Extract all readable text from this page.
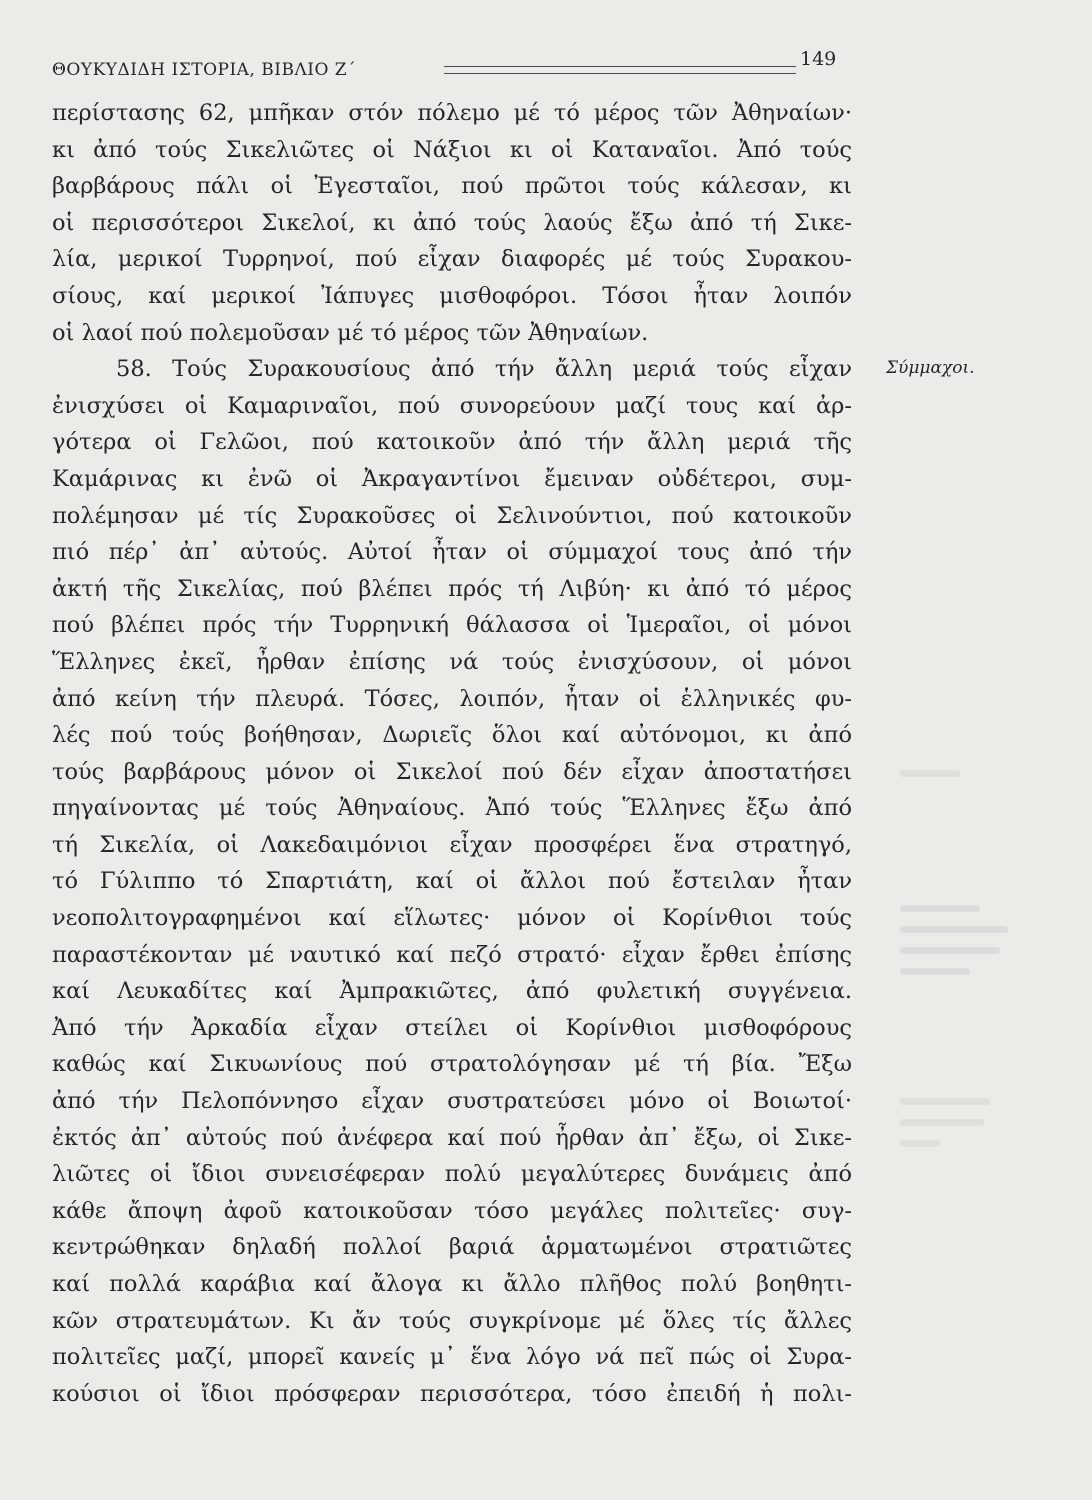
ΘΟΥΚΥΔΙΔΗ ΙΣΤΟΡΙΑ, ΒΙΒΛΙΟ Ζ΄	149
περίστασης 62, μπῆκαν στόν πόλεμο μέ τό μέρος τῶν Ἀθηναίων·
κι ἀπό τούς Σικελιῶτες οἱ Νάξιοι κι οἱ Καταναῖοι. Ἀπό τούς
βαρβάρους πάλι οἱ Ἐγεσταῖοι, πού πρῶτοι τούς κάλεσαν, κι
οἱ περισσότεροι Σικελοί, κι ἀπό τούς λαούς ἔξω ἀπό τή Σικε-
λία, μερικοί Τυρρηνοί, πού εἶχαν διαφορές μέ τούς Συρακου-
σίους, καί μερικοί Ἰάπυγες μισθοφόροι. Τόσοι ἦταν λοιπόν
οἱ λαοί πού πολεμοῦσαν μέ τό μέρος τῶν Ἀθηναίων.
58. Τούς Συρακουσίους ἀπό τήν ἄλλη μεριά τούς εἶχαν
ἐνισχύσει οἱ Καμαριναῖοι, πού συνορεύουν μαζί τους καί ἀρ-
γότερα οἱ Γελῶοι, πού κατοικοῦν ἀπό τήν ἄλλη μεριά τῆς
Καμάρινας κι ἐνῶ οἱ Ἀκραγαντίνοι ἔμειναν οὐδέτεροι, συμ-
πολέμησαν μέ τίς Συρακοῦσες οἱ Σελινούντιοι, πού κατοικοῦν
πιό πέρ᾽ ἀπ᾽ αὐτούς. Αὐτοί ἦταν οἱ σύμμαχοί τους ἀπό τήν
ἀκτή τῆς Σικελίας, πού βλέπει πρός τή Λιβύη· κι ἀπό τό μέρος
πού βλέπει πρός τήν Τυρρηνική θάλασσα οἱ Ἱμεραῖοι, οἱ μόνοι
Ἕλληνες ἐκεῖ, ἦρθαν ἐπίσης νά τούς ἐνισχύσουν, οἱ μόνοι
ἀπό κείνη τήν πλευρά. Τόσες, λοιπόν, ἦταν οἱ ἑλληνικές φυ-
λές πού τούς βοήθησαν, Δωριεῖς ὅλοι καί αὐτόνομοι, κι ἀπό
τούς βαρβάρους μόνον οἱ Σικελοί πού δέν εἶχαν ἀποστατήσει
πηγαίνοντας μέ τούς Ἀθηναίους. Ἀπό τούς Ἕλληνες ἔξω ἀπό
τή Σικελία, οἱ Λακεδαιμόνιοι εἶχαν προσφέρει ἕνα στρατηγό,
τό Γύλιππο τό Σπαρτιάτη, καί οἱ ἄλλοι πού ἔστειλαν ἦταν
νεοπολιτογραφημένοι καί εἵλωτες· μόνον οἱ Κορίνθιοι τούς
παραστέκονταν μέ ναυτικό καί πεζό στρατό· εἶχαν ἔρθει ἐπίσης
καί Λευκαδίτες καί Ἀμπρακιῶτες, ἀπό φυλετική συγγένεια.
Ἀπό τήν Ἀρκαδία εἶχαν στείλει οἱ Κορίνθιοι μισθοφόρους
καθώς καί Σικυωνίους πού στρατολόγησαν μέ τή βία. Ἔξω
ἀπό τήν Πελοπόννησο εἶχαν συστρατεύσει μόνο οἱ Βοιωτοί·
ἐκτός ἀπ᾽ αὐτούς πού ἀνέφερα καί πού ἦρθαν ἀπ᾽ ἔξω, οἱ Σικε-
λιῶτες οἱ ἴδιοι συνεισέφεραν πολύ μεγαλύτερες δυνάμεις ἀπό
κάθε ἄποψη ἀφοῦ κατοικοῦσαν τόσο μεγάλες πολιτεῖες· συγ-
κεντρώθηκαν δηλαδή πολλοί βαριά ἁρματωμένοι στρατιῶτες
καί πολλά καράβια καί ἄλογα κι ἄλλο πλῆθος πολύ βοηθητι-
κῶν στρατευμάτων. Κι ἄν τούς συγκρίνομε μέ ὅλες τίς ἄλλες
πολιτεῖες μαζί, μπορεῖ κανείς μ᾽ ἕνα λόγο νά πεῖ πώς οἱ Συρα-
κούσιοι οἱ ἴδιοι πρόσφεραν περισσότερα, τόσο ἐπειδή ἡ πολι-
Σύμμαχοι.
